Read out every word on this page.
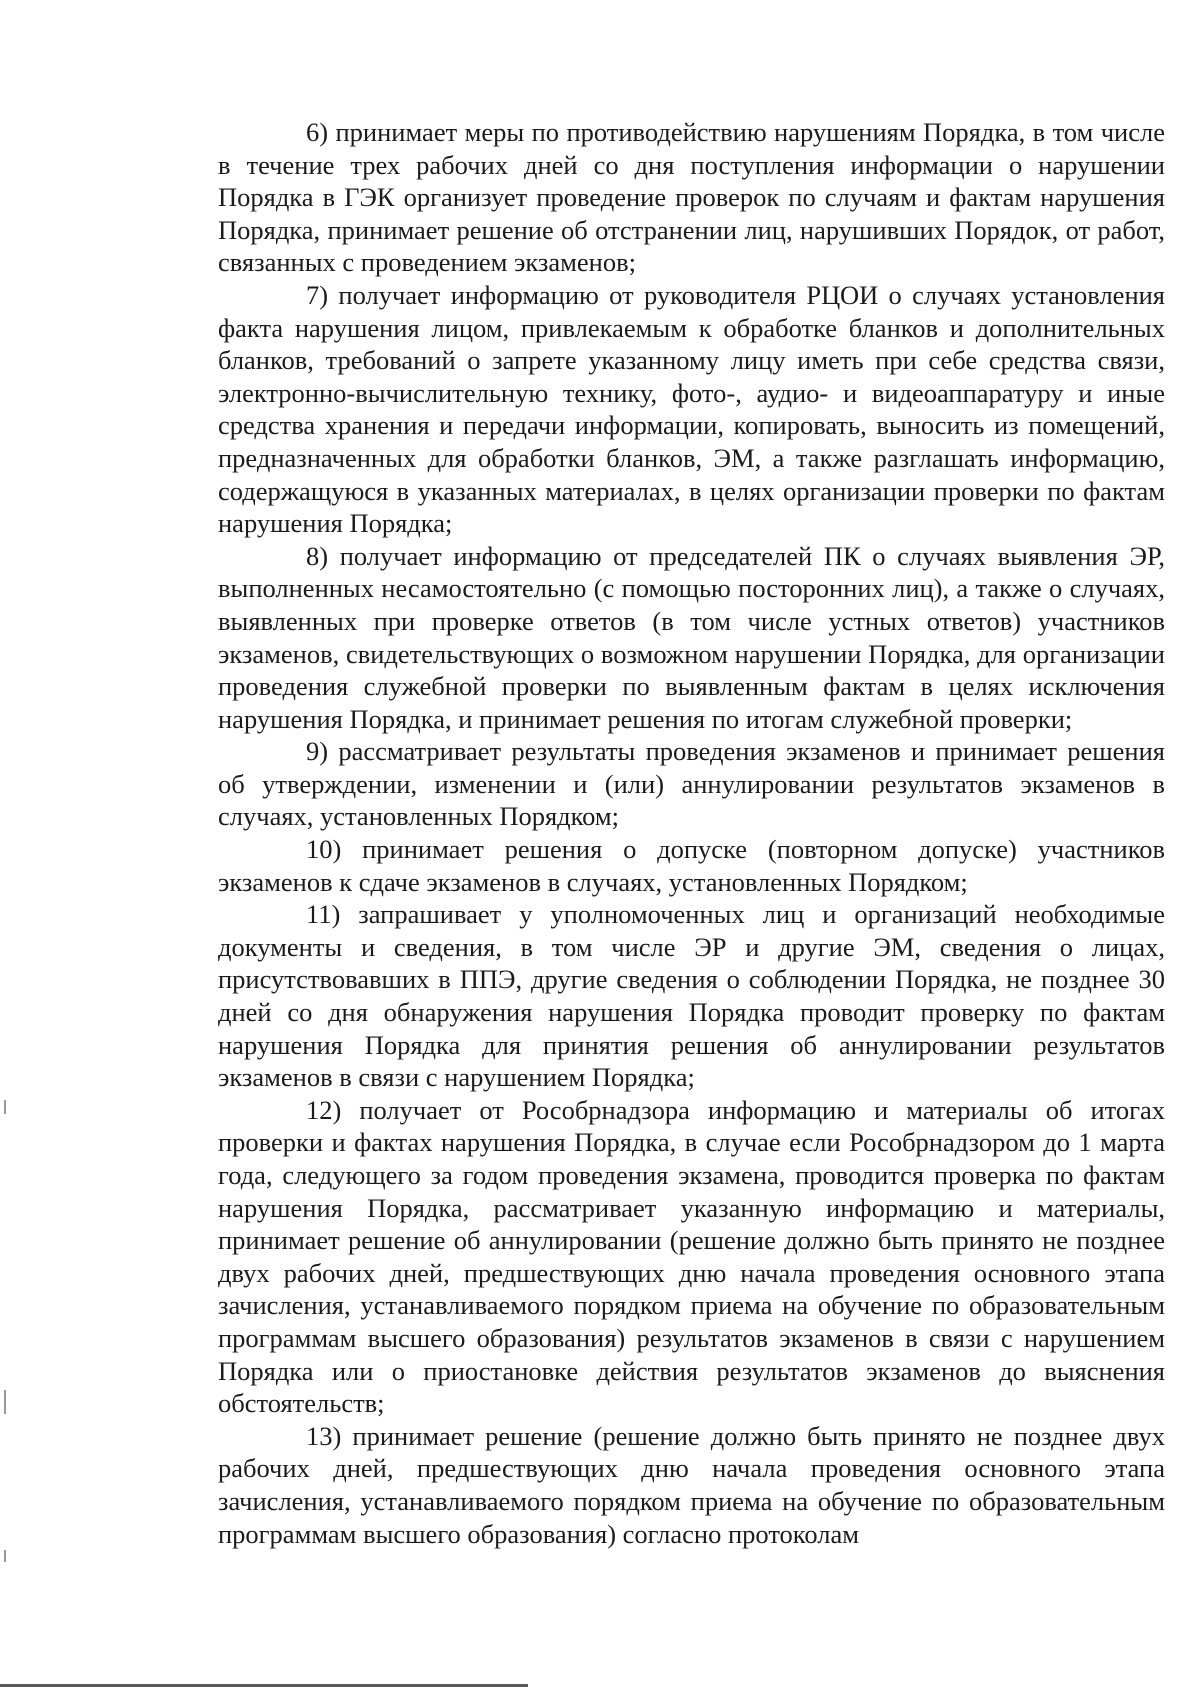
6) принимает меры по противодействию нарушениям Порядка, в том числе в течение трех рабочих дней со дня поступления информации о нарушении Порядка в ГЭК организует проведение проверок по случаям и фактам нарушения Порядка, принимает решение об отстранении лиц, нарушивших Порядок, от работ, связанных с проведением экзаменов;

7) получает информацию от руководителя РЦОИ о случаях установления факта нарушения лицом, привлекаемым к обработке бланков и дополнительных бланков, требований о запрете указанному лицу иметь при себе средства связи, электронно-вычислительную технику, фото-, аудио- и видеоаппаратуру и иные средства хранения и передачи информации, копировать, выносить из помещений, предназначенных для обработки бланков, ЭМ, а также разглашать информацию, содержащуюся в указанных материалах, в целях организации проверки по фактам нарушения Порядка;

8) получает информацию от председателей ПК о случаях выявления ЭР, выполненных несамостоятельно (с помощью посторонних лиц), а также о случаях, выявленных при проверке ответов (в том числе устных ответов) участников экзаменов, свидетельствующих о возможном нарушении Порядка, для организации проведения служебной проверки по выявленным фактам в целях исключения нарушения Порядка, и принимает решения по итогам служебной проверки;

9) рассматривает результаты проведения экзаменов и принимает решения об утверждении, изменении и (или) аннулировании результатов экзаменов в случаях, установленных Порядком;

10) принимает решения о допуске (повторном допуске) участников экзаменов к сдаче экзаменов в случаях, установленных Порядком;

11) запрашивает у уполномоченных лиц и организаций необходимые документы и сведения, в том числе ЭР и другие ЭМ, сведения о лицах, присутствовавших в ППЭ, другие сведения о соблюдении Порядка, не позднее 30 дней со дня обнаружения нарушения Порядка проводит проверку по фактам нарушения Порядка для принятия решения об аннулировании результатов экзаменов в связи с нарушением Порядка;

12) получает от Рособрнадзора информацию и материалы об итогах проверки и фактах нарушения Порядка, в случае если Рособрнадзором до 1 марта года, следующего за годом проведения экзамена, проводится проверка по фактам нарушения Порядка, рассматривает указанную информацию и материалы, принимает решение об аннулировании (решение должно быть принято не позднее двух рабочих дней, предшествующих дню начала проведения основного этапа зачисления, устанавливаемого порядком приема на обучение по образовательным программам высшего образования) результатов экзаменов в связи с нарушением Порядка или о приостановке действия результатов экзаменов до выяснения обстоятельств;

13) принимает решение (решение должно быть принято не позднее двух рабочих дней, предшествующих дню начала проведения основного этапа зачисления, устанавливаемого порядком приема на обучение по образовательным программам высшего образования) согласно протоколам
